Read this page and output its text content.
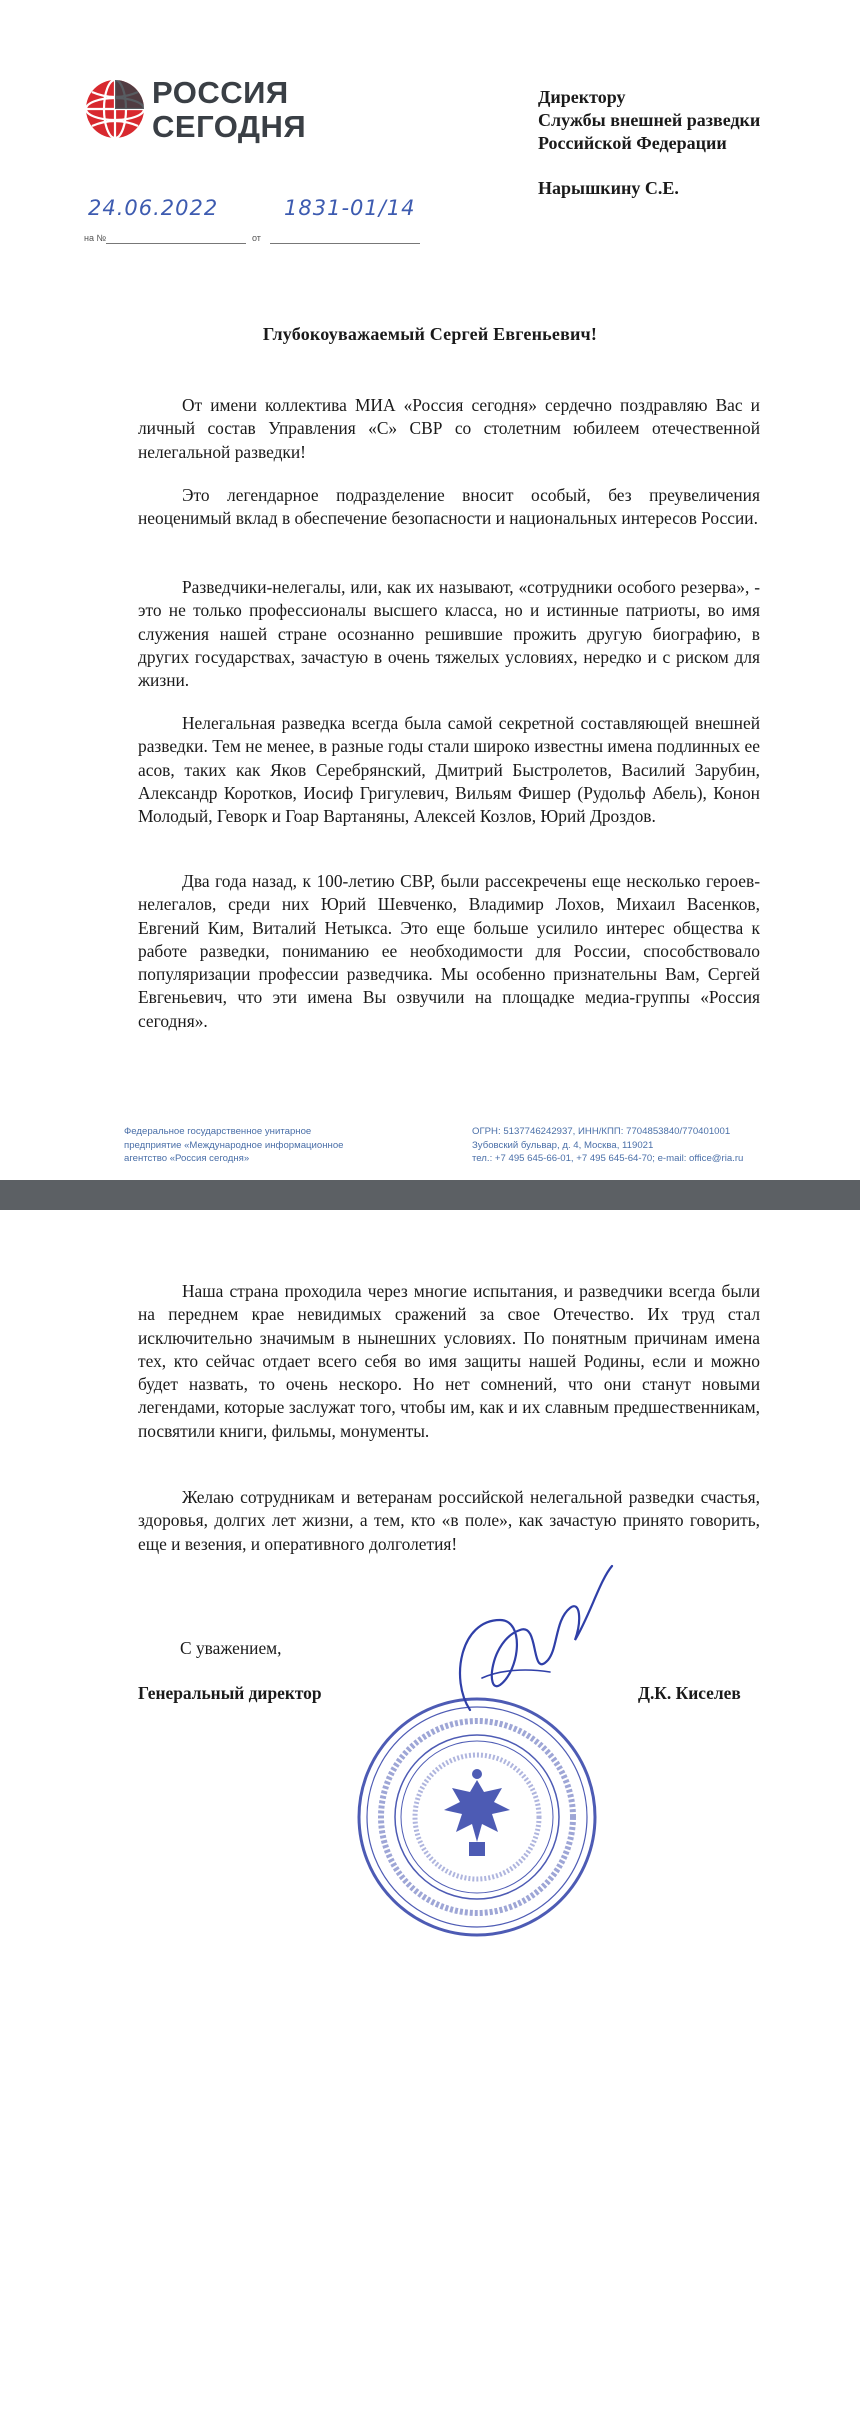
РОССИЯ
СЕГОДНЯ
Директору
Службы внешней разведки
Российской Федерации
Нарышкину С.Е.
24.06.2022	1831-01/14
на №	от
Глубокоуважаемый Сергей Евгеньевич!

От имени коллектива МИА «Россия сегодня» сердечно поздравляю Вас и личный состав Управления «С» СВР со столетним юбилеем отечественной нелегальной разведки!

Это легендарное подразделение вносит особый, без преувеличения неоценимый вклад в обеспечение безопасности и национальных интересов России.

Разведчики-нелегалы, или, как их называют, «сотрудники особого резерва», - это не только профессионалы высшего класса, но и истинные патриоты, во имя служения нашей стране осознанно решившие прожить другую биографию, в других государствах, зачастую в очень тяжелых условиях, нередко и с риском для жизни.

Нелегальная разведка всегда была самой секретной составляющей внешней разведки. Тем не менее, в разные годы стали широко известны имена подлинных ее асов, таких как Яков Серебрянский, Дмитрий Быстролетов, Василий Зарубин, Александр Коротков, Иосиф Григулевич, Вильям Фишер (Рудольф Абель), Конон Молодый, Геворк и Гоар Вартаняны, Алексей Козлов, Юрий Дроздов.

Два года назад, к 100-летию СВР, были рассекречены еще несколько героев-нелегалов, среди них Юрий Шевченко, Владимир Лохов, Михаил Васенков, Евгений Ким, Виталий Нетыкса. Это еще больше усилило интерес общества к работе разведки, пониманию ее необходимости для России, способствовало популяризации профессии разведчика. Мы особенно признательны Вам, Сергей Евгеньевич, что эти имена Вы озвучили на площадке медиа-группы «Россия сегодня».

Федеральное государственное унитарное
предприятие «Международное информационное
агентство «Россия сегодня»
ОГРН: 5137746242937, ИНН/КПП: 7704853840/770401001
Зубовский бульвар, д. 4, Москва, 119021
тел.: +7 495 645-66-01, +7 495 645-64-70; e-mail: office@ria.ru

Наша страна проходила через многие испытания, и разведчики всегда были на переднем крае невидимых сражений за свое Отечество. Их труд стал исключительно значимым в нынешних условиях. По понятным причинам имена тех, кто сейчас отдает всего себя во имя защиты нашей Родины, если и можно будет назвать, то очень нескоро. Но нет сомнений, что они станут новыми легендами, которые заслужат того, чтобы им, как и их славным предшественникам, посвятили книги, фильмы, монументы.

Желаю сотрудникам и ветеранам российской нелегальной разведки счастья, здоровья, долгих лет жизни, а тем, кто «в поле», как зачастую принято говорить, еще и везения, и оперативного долголетия!

С уважением,
Генеральный директор	Д.К. Киселев
